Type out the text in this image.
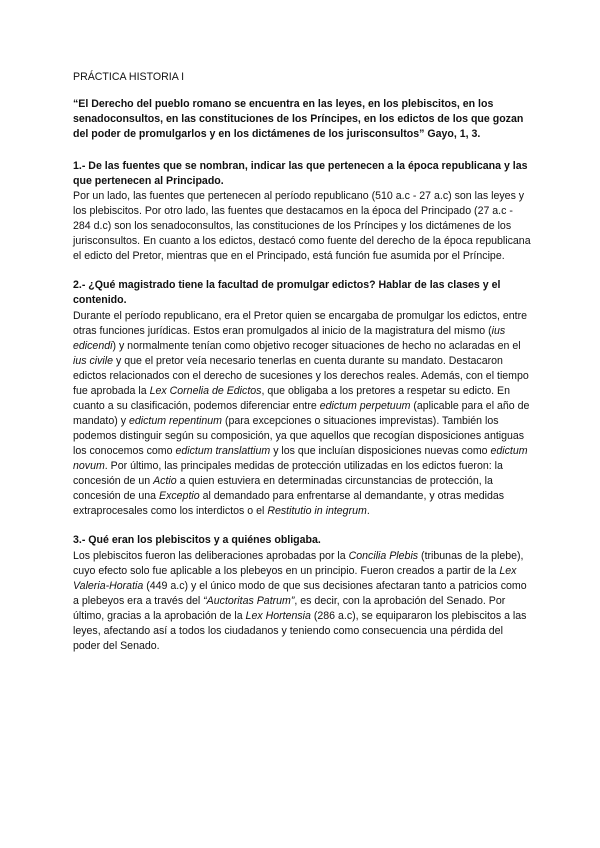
PRÁCTICA HISTORIA I
“El Derecho del pueblo romano se encuentra en las leyes, en los plebiscitos, en los senadoconsultos, en las constituciones de los Príncipes, en los edictos de los que gozan del poder de promulgarlos y en los dictámenes de los jurisconsultos” Gayo, 1, 3.
1.- De las fuentes que se nombran, indicar las que pertenecen a la época republicana y las que pertenecen al Principado.

Por un lado, las fuentes que pertenecen al período republicano (510 a.c - 27 a.c) son las leyes y los plebiscitos. Por otro lado, las fuentes que destacamos en la época del Principado (27 a.c - 284 d.c) son los senadoconsultos, las constituciones de los Príncipes y los dictámenes de los jurisconsultos. En cuanto a los edictos, destacó como fuente del derecho de la época republicana el edicto del Pretor, mientras que en el Principado, está función fue asumida por el Príncipe.

2.- ¿Qué magistrado tiene la facultad de promulgar edictos? Hablar de las clases y el contenido.

Durante el período republicano, era el Pretor quien se encargaba de promulgar los edictos, entre otras funciones jurídicas. Estos eran promulgados al inicio de la magistratura del mismo (ius edicendi) y normalmente tenían como objetivo recoger situaciones de hecho no aclaradas en el ius civile y que el pretor veía necesario tenerlas en cuenta durante su mandato. Destacaron edictos relacionados con el derecho de sucesiones y los derechos reales. Además, con el tiempo fue aprobada la Lex Cornelia de Edictos, que obligaba a los pretores a respetar su edicto. En cuanto a su clasificación, podemos diferenciar entre edictum perpetuum (aplicable para el año de mandato) y edictum repentinum (para excepciones o situaciones imprevistas). También los podemos distinguir según su composición, ya que aquellos que recogían disposiciones antiguas los conocemos como edictum translattium y los que incluían disposiciones nuevas como edictum novum. Por último, las principales medidas de protección utilizadas en los edictos fueron: la concesión de un Actio a quien estuviera en determinadas circunstancias de protección, la concesión de una Exceptio al demandado para enfrentarse al demandante, y otras medidas extraprocesales como los interdictos o el Restitutio in integrum.

3.- Qué eran los plebiscitos y a quiénes obligaba.

Los plebiscitos fueron las deliberaciones aprobadas por la Concilia Plebis (tribunas de la plebe), cuyo efecto solo fue aplicable a los plebeyos en un principio. Fueron creados a partir de la Lex Valeria-Horatia (449 a.c) y el único modo de que sus decisiones afectaran tanto a patricios como a plebeyos era a través del “Auctoritas Patrum”, es decir, con la aprobación del Senado. Por último, gracias a la aprobación de la Lex Hortensia (286 a.c), se equipararon los plebiscitos a las leyes, afectando así a todos los ciudadanos y teniendo como consecuencia una pérdida del poder del Senado.
